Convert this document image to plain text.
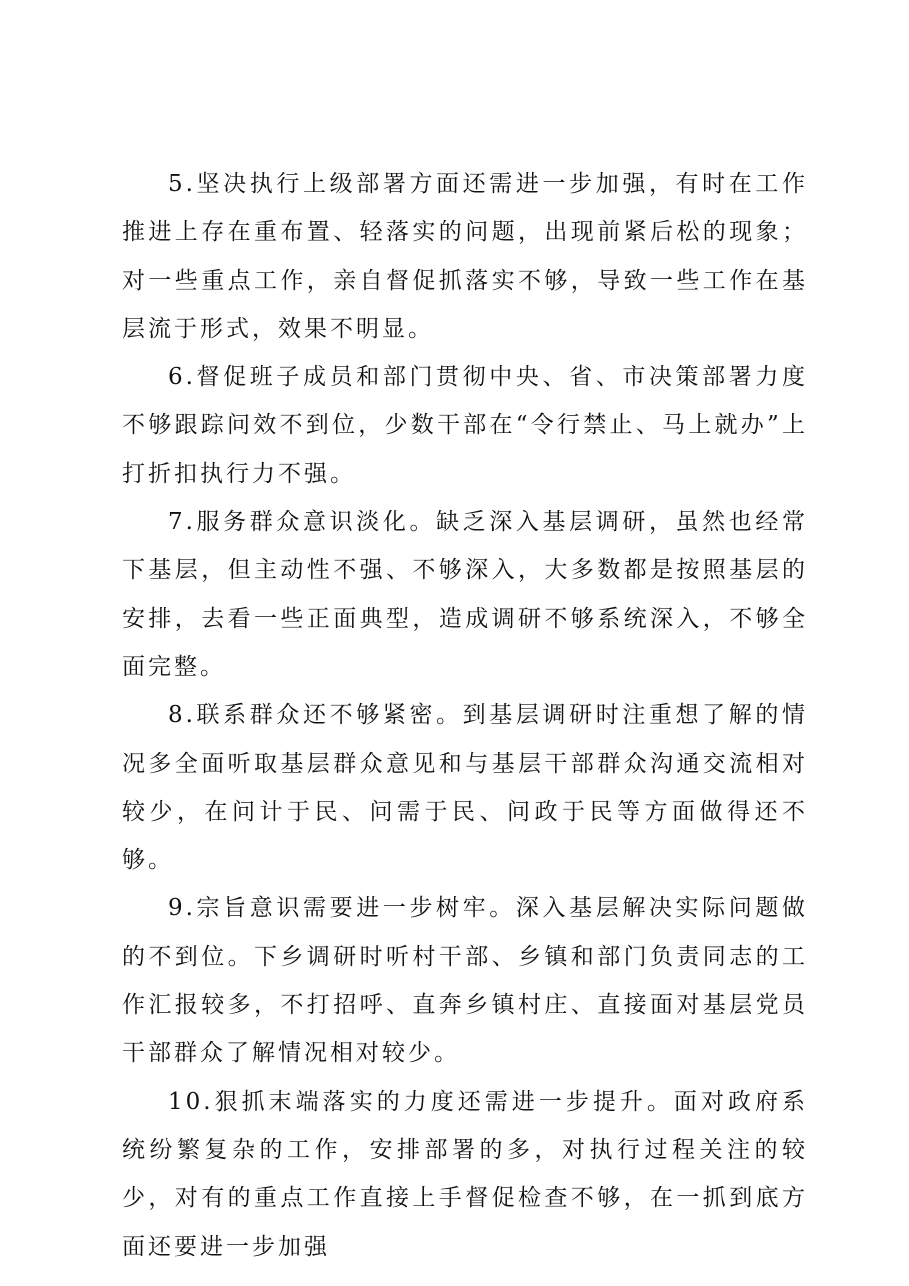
5.坚决执行上级部署方面还需进一步加强，有时在工作推进上存在重布置、轻落实的问题，出现前紧后松的现象；对一些重点工作，亲自督促抓落实不够，导致一些工作在基层流于形式，效果不明显。

6.督促班子成员和部门贯彻中央、省、市决策部署力度不够跟踪问效不到位，少数干部在“令行禁止、马上就办”上打折扣执行力不强。

7.服务群众意识淡化。缺乏深入基层调研，虽然也经常下基层，但主动性不强、不够深入，大多数都是按照基层的安排，去看一些正面典型，造成调研不够系统深入，不够全面完整。

8.联系群众还不够紧密。到基层调研时注重想了解的情况多全面听取基层群众意见和与基层干部群众沟通交流相对较少，在问计于民、问需于民、问政于民等方面做得还不够。

9.宗旨意识需要进一步树牢。深入基层解决实际问题做的不到位。下乡调研时听村干部、乡镇和部门负责同志的工作汇报较多，不打招呼、直奔乡镇村庄、直接面对基层党员干部群众了解情况相对较少。

10.狠抓末端落实的力度还需进一步提升。面对政府系统纷繁复杂的工作，安排部署的多，对执行过程关注的较少，对有的重点工作直接上手督促检查不够，在一抓到底方面还要进一步加强
